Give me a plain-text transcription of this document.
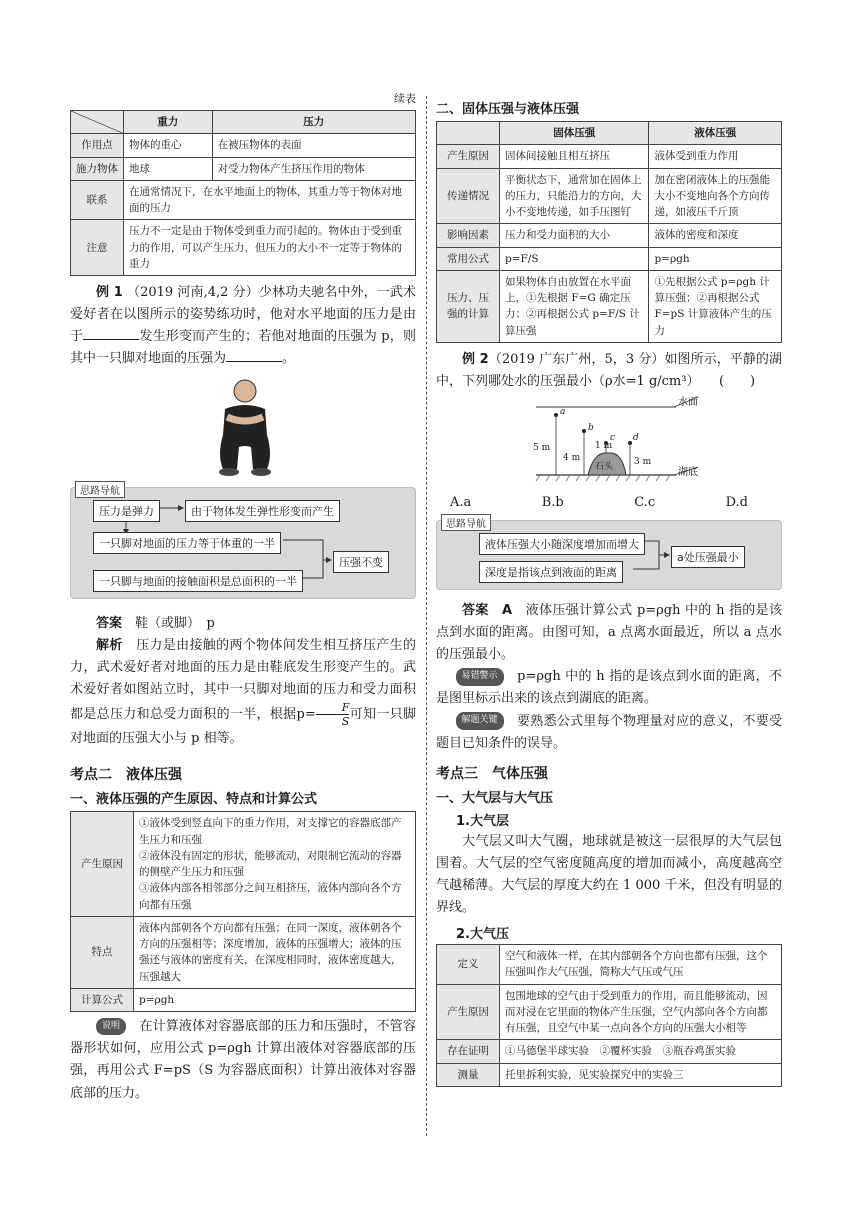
续表
	重力	压力
作用点	物体的重心	在被压物体的表面
施力物体	地球	对受力物体产生挤压作用的物体
联系	在通常情况下，在水平地面上的物体，其重力等于物体对地面的压力	
注意	压力不一定是由于物体受到重力而引起的。物体由于受到重力的作用，可以产生压力，但压力的大小不一定等于物体的重力	

例 1 （2019 河南,4,2 分）少林功夫驰名中外，一武术爱好者在以图所示的姿势练功时，他对水平地面的压力是由于	发生形变而产生的；若他对地面的压强为 p，则其中一只脚对地面的压强为	。

思路导航
压力是弹力	由于物体发生弹性形变而产生
一只脚对地面的压力等于体重的一半
一只脚与地面的接触面积是总面积的一半
压强不变

答案　 鞋（或脚）　p

解析　 压力是由接触的两个物体间发生相互挤压产生的力，武术爱好者对地面的压力是由鞋底发生形变产生的。武术爱好者如图站立时，其中一只脚对地面的压力和受力面积都是总压力和总受力面积的一半，根据$p= \frac{F}{S}$ 可知一只脚对地面的压强大小与 p 相等。

考点二　液体压强
一、液体压强的产生原因、特点和计算公式
产生原因	①液体受到竖直向下的重力作用，对支撑它的容器底部产生压力和压强
②液体没有固定的形状，能够流动，对限制它流动的容器的侧壁产生压力和压强
③液体内部各相邻部分之间互相挤压，液体内部向各个方向都有压强

特点	液体内部朝各个方向都有压强；在同一深度，液体朝各个方向的压强相等；深度增加，液体的压强增大；液体的压强还与液体的密度有关，在深度相同时，液体密度越大，压强越大
计算公式	p=ρgh

说明　 在计算液体对容器底部的压力和压强时，不管容器形状如何，应用公式 p=ρgh 计算出液体对容器底部的压强，再用公式 F=pS（S 为容器底面积）计算出液体对容器底部的压力。

二、固体压强与液体压强
	固体压强	液体压强
产生原因	固体间接触且相互挤压	液体受到重力作用
传递情况	平衡状态下，通常加在固体上的压力，只能沿力的方向，大小不变地传递，如手压图钉	加在密闭液体上的压强能大小不变地向各个方向传递，如液压千斤顶
影响因素	压力和受力面积的大小	液体的密度和深度
常用公式	p=F/S	p=ρgh
压力、压强的计算	如果物体自由放置在水平面上，①先根据 F=G 确定压力；②再根据公式 p=F/S 计算压强	①先根据公式 p=ρgh 计算压强；②再根据公式 F=pS 计算液体产生的压力

例 2（2019 广东广州，5，3 分）如图所示，平静的湖中，下列哪处水的压强最小（ρ水=1 g/cm³）　　 (　　)

水面
湖底
石头
a
b
c d
5 m
4 m
1 m
3 m
A.a	B.b	C.c	D.d
思路导航
液体压强大小随深度增加而增大
深度是指该点到液面的距离
a处压强最小

答案　 A　 液体压强计算公式 p=ρgh 中的 h 指的是该点到水面的距离。由图可知，a 点离水面最近，所以 a 点水的压强最小。

易错警示　 p=ρgh 中的 h 指的是该点到水面的距离，不是图里标示出来的该点到湖底的距离。

解题关键　 要熟悉公式里每个物理量对应的意义，不要受题目已知条件的误导。

考点三　气体压强
一、大气层与大气压
1.大气层

大气层又叫大气圈，地球就是被这一层很厚的大气层包围着。大气层的空气密度随高度的增加而减小，高度越高空气越稀薄。大气层的厚度大约在 1 000 千米，但没有明显的界线。

2.大气压
定义	空气和液体一样，在其内部朝各个方向也都有压强，这个压强叫作大气压强，简称大气压或气压
产生原因	包围地球的空气由于受到重力的作用，而且能够流动，因而对浸在它里面的物体产生压强，空气内部向各个方向都有压强，且空气中某一点向各个方向的压强大小相等
存在证明	①马德堡半球实验　②覆杯实验　③瓶吞鸡蛋实验
测量	托里拆利实验，见实验探究中的实验三
